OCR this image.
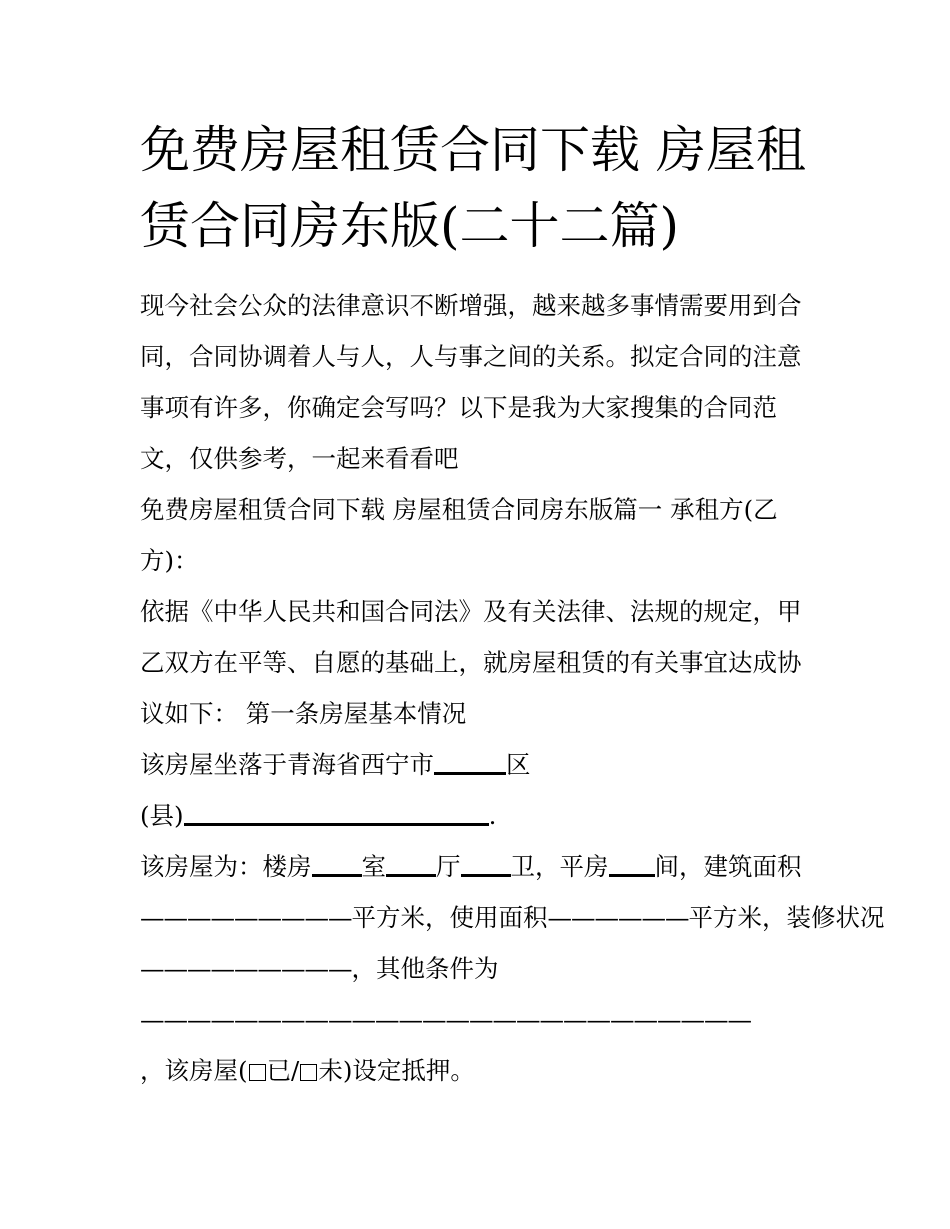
免费房屋租赁合同下载 房屋租
赁合同房东版(二十二篇)

现今社会公众的法律意识不断增强，越来越多事情需要用到合

同，合同协调着人与人，人与事之间的关系。拟定合同的注意

事项有许多，你确定会写吗？以下是我为大家搜集的合同范

文，仅供参考，一起来看看吧

免费房屋租赁合同下载 房屋租赁合同房东版篇一 承租方(乙

方)：

依据《中华人民共和国合同法》及有关法律、法规的规定，甲

乙双方在平等、自愿的基础上，就房屋租赁的有关事宜达成协

议如下： 第一条房屋基本情况

该房屋坐落于青海省西宁市	区

(县)	.

该房屋为：楼房 室 厅 卫，平房 间，建筑面积

—————————平方米，使用面积——————平方米，装修状况

—————————，其他条件为

——————————————————————————

，该房屋( 已/ 未)设定抵押。
